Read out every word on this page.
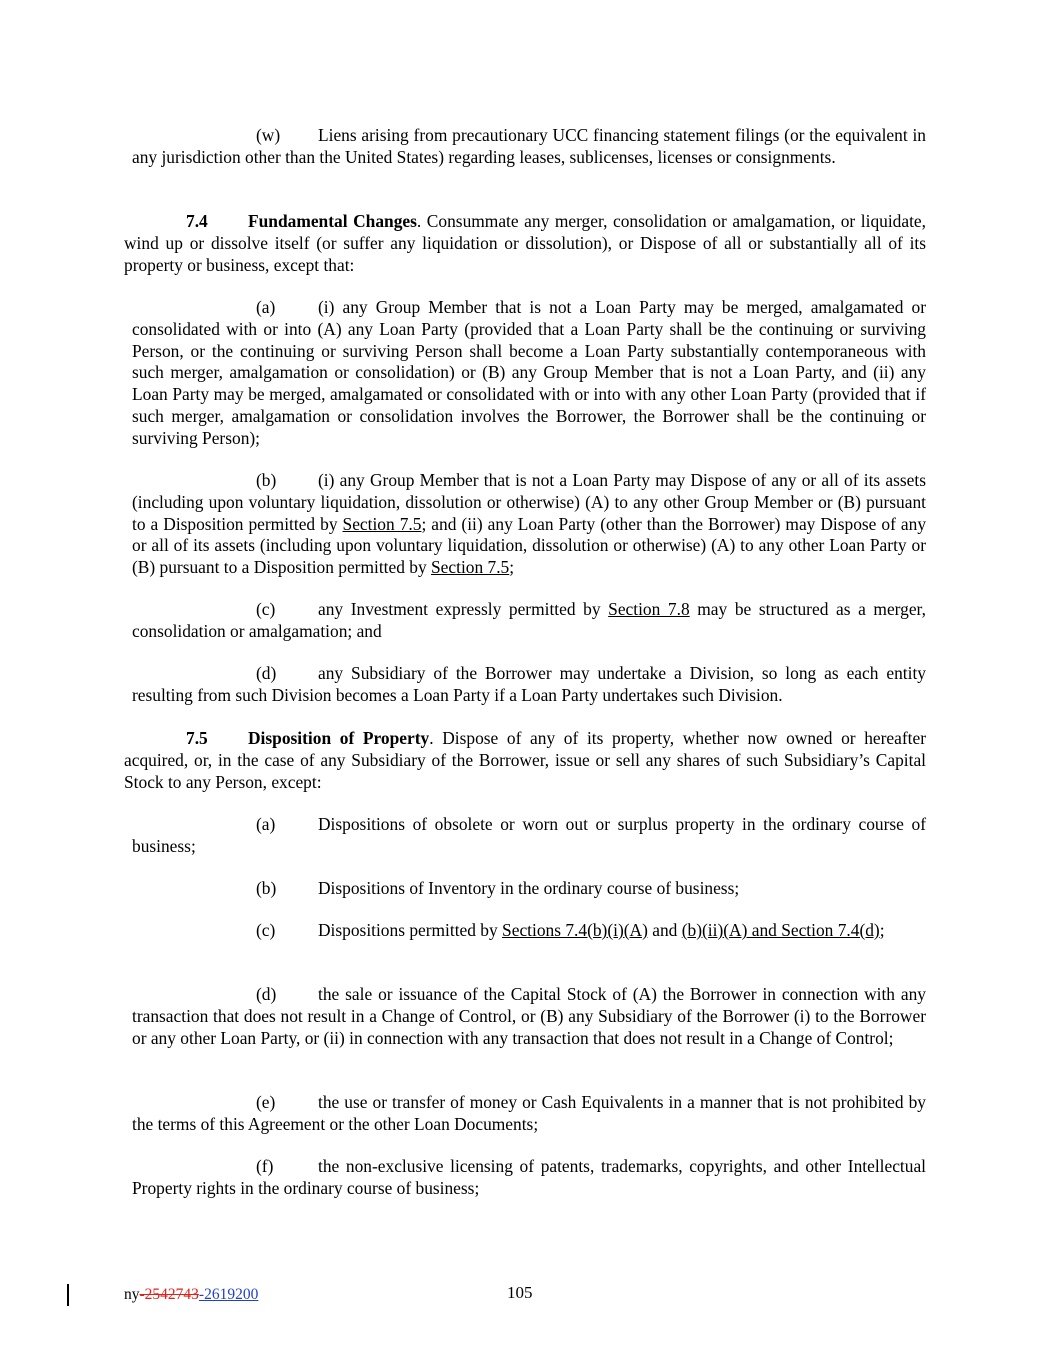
(w) Liens arising from precautionary UCC financing statement filings (or the equivalent in any jurisdiction other than the United States) regarding leases, sublicenses, licenses or consignments.

7.4 Fundamental Changes. Consummate any merger, consolidation or amalgamation, or liquidate, wind up or dissolve itself (or suffer any liquidation or dissolution), or Dispose of all or substantially all of its property or business, except that:

(a) (i) any Group Member that is not a Loan Party may be merged, amalgamated or consolidated with or into (A) any Loan Party (provided that a Loan Party shall be the continuing or surviving Person, or the continuing or surviving Person shall become a Loan Party substantially contemporaneous with such merger, amalgamation or consolidation) or (B) any Group Member that is not a Loan Party, and (ii) any Loan Party may be merged, amalgamated or consolidated with or into with any other Loan Party (provided that if such merger, amalgamation or consolidation involves the Borrower, the Borrower shall be the continuing or surviving Person);

(b) (i) any Group Member that is not a Loan Party may Dispose of any or all of its assets (including upon voluntary liquidation, dissolution or otherwise) (A) to any other Group Member or (B) pursuant to a Disposition permitted by Section 7.5; and (ii) any Loan Party (other than the Borrower) may Dispose of any or all of its assets (including upon voluntary liquidation, dissolution or otherwise) (A) to any other Loan Party or (B) pursuant to a Disposition permitted by Section 7.5;

(c) any Investment expressly permitted by Section 7.8 may be structured as a merger, consolidation or amalgamation; and

(d) any Subsidiary of the Borrower may undertake a Division, so long as each entity resulting from such Division becomes a Loan Party if a Loan Party undertakes such Division.

7.5 Disposition of Property. Dispose of any of its property, whether now owned or hereafter acquired, or, in the case of any Subsidiary of the Borrower, issue or sell any shares of such Subsidiary’s Capital Stock to any Person, except:

(a) Dispositions of obsolete or worn out or surplus property in the ordinary course of business;

(b) Dispositions of Inventory in the ordinary course of business;

(c) Dispositions permitted by Sections 7.4(b)(i)(A) and (b)(ii)(A) and Section 7.4(d);

(d) the sale or issuance of the Capital Stock of (A) the Borrower in connection with any transaction that does not result in a Change of Control, or (B) any Subsidiary of the Borrower (i) to the Borrower or any other Loan Party, or (ii) in connection with any transaction that does not result in a Change of Control;

(e) the use or transfer of money or Cash Equivalents in a manner that is not prohibited by the terms of this Agreement or the other Loan Documents;

(f)	the non-exclusive licensing of patents, trademarks, copyrights, and other Intellectual Property rights in the ordinary course of business;

ny-2542743-2619200	105
